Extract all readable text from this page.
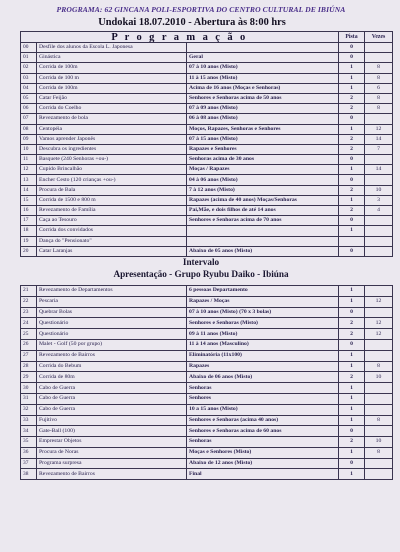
PROGRAMA: 62 GINCANA POLI-ESPORTIVA DO CENTRO CULTURAL DE IBIÚNA
Undokai 18.07.2010 - Abertura às 8:00 hrs
P r o g r a m a ç ã o			Pista	Vezes
00	Desfile dos alunos da Escola L. Japonesa		0	
01	Ginástica	Geral	0	
02	Corrida de 100m	07 à 10 anos (Misto)	1	8
03	Corrida de 100 m	11 à 15 anos (Misto)	1	8
04	Corrida de 100m	Acima de 16 anos (Moças e Senhoras)	1	6
05	Catar Feijão	Senhores e Senhoras acima de 50 anos	2	8
06	Corrida do Coelho	07 à 09 anos (Misto)	2	8
07	Revezamento de bola	06 à 08 anos (Misto)	0	
08	Centopéia	Moços, Rapazes, Senhoras e Senhores	1	12
09	Vamos aprender Japonês	07 à 15 anos (Misto)	2	14
10	Descubra os ingredientes	Rapazes e Senhores	2	7
11	Basquete (240 Senhoras +ou-)	Senhoras acima de 30 anos	0	
12	Cupido Brincalhão	Moças / Rapazes	1	14
13	Encher Cesto (120 crianças +ou-)	04 à 06 anos (Misto)	0	
14	Procura de Bala	7 à 12 anos (Misto)	2	10
15	Corrida de 1500 e 800 m	Rapazes (acima de 40 anos) Moças/Senhoras	1	3
16	Revezamento de Família	Pai,Mãe, e dois filhos de até 14 anos	2	4
17	Caça ao Tesouro	Senhores e Senhoras acima de 70 anos	0	
18	Corrida dos convidados		1	
19	Dança do "Pensionato"			
20	Catar Laranjas	Abaixo de 05 anos (Misto)	0	
Intervalo
Apresentação - Grupo Ryubu Daiko - Ibiúna
21	Revezamento de Departamentos	6 pessoas Departamento	1	
22	Pescaria	Rapazes / Moças	1	12
23	Quebrar Bolas	07 à 10 anos (Misto) (70 x 3 bolas)	0	
24	Questionário	Senhores e Senhoras (Misto)	2	12
25	Questionário	09 à 11 anos (Misto)	2	12
26	Malet - Golf (50 por grupo)	11 à 14 anos (Masculino)	0	
27	Revezamento de Bairros	Eliminatória (11x100)	1	
28	Corrida do Bebum	Rapazes	1	8
29	Corrida de 80m	Abaixo de 06 anos (Misto)	2	10
30	Cabo de Guerra	Senhoras	1	
31	Cabo de Guerra	Senhores	1	
32	Cabo de Guerra	10 a 15 anos (Misto)	1	
33	Fujitivo	Senhores e Senhoras (acima 40 anos)	1	8
34	Gate-Ball (100)	Senhores e Senhoras acima de 60 anos	0	
35	Emprestar Objetos	Senhoras	2	10
36	Procura de Noras	Moças e Senhores (Misto)	1	8
37	Programa surpresa	Abaixo de 12 anos (Misto)	0	
38	Revezamento de Bairros	Final	1	
